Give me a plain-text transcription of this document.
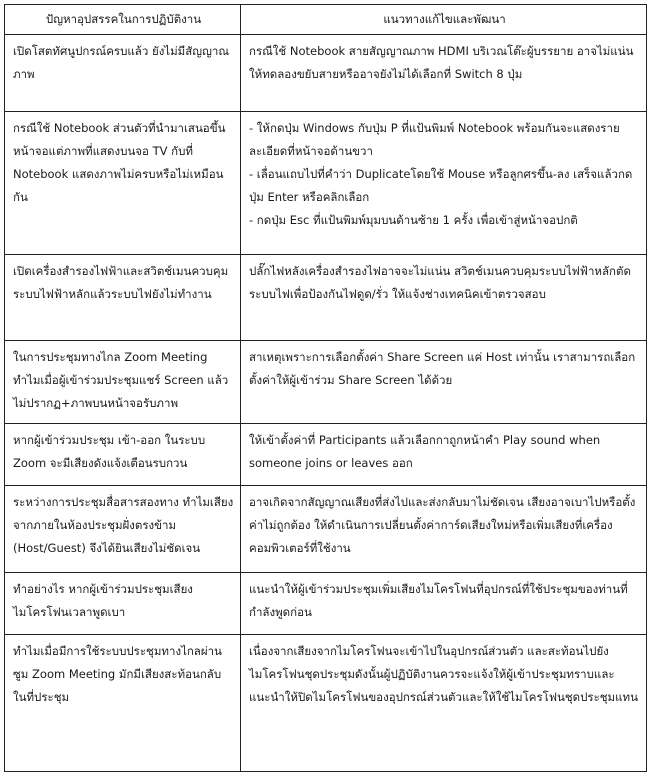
ปัญหาอุปสรรคในการปฏิบัติงาน	แนวทางแก้ไขและพัฒนา
เปิดโสตทัศนูปกรณ์ครบแล้ว ยังไม่มีสัญญาณภาพ	กรณีใช้ Notebook สายสัญญาณภาพ HDMI บริเวณโต๊ะผู้บรรยาย อาจไม่แน่นให้ทดลองขยับสายหรืออาจยังไม่ได้เลือกที่ Switch 8 ปุ่ม

กรณีใช้ Notebook ส่วนตัวที่นำมาเสนอขึ้นหน้าจอแต่ภาพที่แสดงบนจอ TV กับที่ Notebook แสดงภาพไม่ครบหรือไม่เหมือนกัน	- ให้กดปุ่ม Windows กับปุ่ม P ที่แป้นพิมพ์ Notebook พร้อมกันจะแสดงรายละเอียดที่หน้าจอด้านขวา
- เลื่อนแถบไปที่คำว่า Duplicateโดยใช้ Mouse หรือลูกศรขึ้น-ลง เสร็จแล้วกดปุ่ม Enter หรือคลิกเลือก
- กดปุ่ม Esc ที่แป้นพิมพ์มุมบนด้านซ้าย 1 ครั้ง เพื่อเข้าสู่หน้าจอปกติ

เปิดเครื่องสำรองไฟฟ้าและสวิตช์เมนควบคุมระบบไฟฟ้าหลักแล้วระบบไฟยังไม่ทำงาน	ปลั๊กไฟหลังเครื่องสำรองไฟอาจจะไม่แน่น สวิตช์เมนควบคุมระบบไฟฟ้าหลักตัดระบบไฟเพื่อป้องกันไฟดูด/รั่ว ให้แจ้งช่างเทคนิคเข้าตรวจสอบ

ในการประชุมทางไกล Zoom Meeting ทำไมเมื่อผู้เข้าร่วมประชุมแชร์ Screen แล้วไม่ปรากฏ+ภาพบนหน้าจอรับภาพ	สาเหตุเพราะการเลือกตั้งค่า Share Screen แค่ Host เท่านั้น เราสามารถเลือกตั้งค่าให้ผู้เข้าร่วม Share Screen ได้ด้วย

หากผู้เข้าร่วมประชุม เข้า-ออก ในระบบ Zoom จะมีเสียงดังแจ้งเตือนรบกวน	ให้เข้าตั้งค่าที่ Participants แล้วเลือกกาถูกหน้าคำ Play sound when someone joins or leaves ออก

ระหว่างการประชุมสื่อสารสองทาง ทำไมเสียงจากภายในห้องประชุมฝั่งตรงข้าม (Host/Guest) จึงได้ยินเสียงไม่ชัดเจน	อาจเกิดจากสัญญาณเสียงที่ส่งไปและส่งกลับมาไม่ชัดเจน เสียงอาจเบาไปหรือตั้งค่าไม่ถูกต้อง ให้ดำเนินการเปลี่ยนตั้งค่าการ์ดเสียงใหม่หรือเพิ่มเสียงที่เครื่องคอมพิวเตอร์ที่ใช้งาน

ทำอย่างไร หากผู้เข้าร่วมประชุมเสียงไมโครโฟนเวลาพูดเบา	แนะนำให้ผู้เข้าร่วมประชุมเพิ่มเสียงไมโครโฟนที่อุปกรณ์ที่ใช้ประชุมของท่านที่กำลังพูดก่อน

ทำไมเมื่อมีการใช้ระบบประชุมทางไกลผ่านซูม Zoom Meeting มักมีเสียงสะท้อนกลับในที่ประชุม	เนื่องจากเสียงจากไมโครโฟนจะเข้าไปในอุปกรณ์ส่วนตัว และสะท้อนไปยังไมโครโฟนชุดประชุมดังนั้นผู้ปฏิบัติงานควรจะแจ้งให้ผู้เข้าประชุมทราบและแนะนำให้ปิดไมโครโฟนของอุปกรณ์ส่วนตัวและให้ใช้ไมโครโฟนชุดประชุมแทน
